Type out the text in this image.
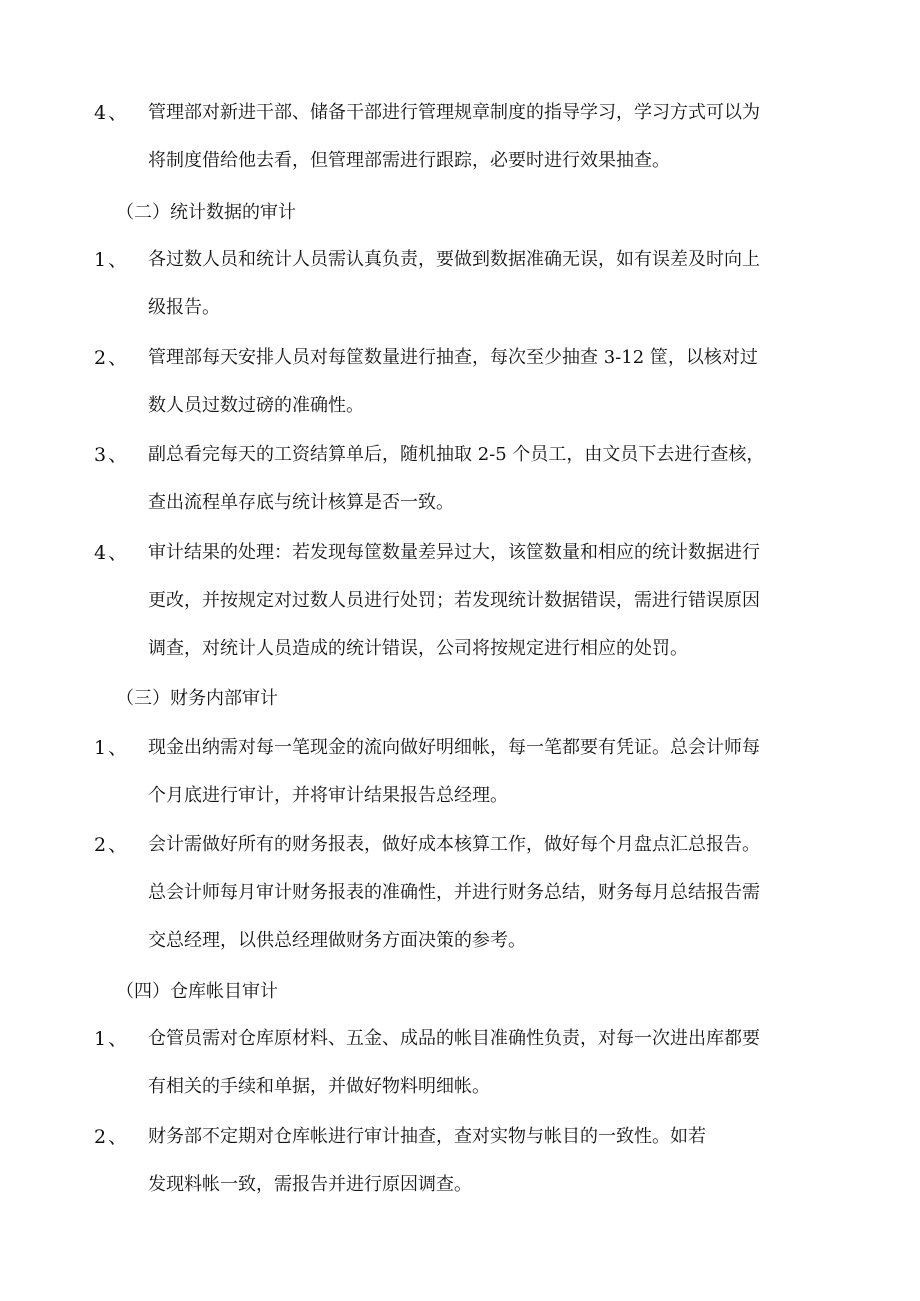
4、 管理部对新进干部、储备干部进行管理规章制度的指导学习，学习方式可以为
将制度借给他去看，但管理部需进行跟踪，必要时进行效果抽查。
（二）统计数据的审计
1、 各过数人员和统计人员需认真负责，要做到数据准确无误，如有误差及时向上
级报告。
2、 管理部每天安排人员对每筐数量进行抽查，每次至少抽查 3-12 筐，以核对过
数人员过数过磅的准确性。
3、 副总看完每天的工资结算单后，随机抽取 2-5 个员工，由文员下去进行查核，
查出流程单存底与统计核算是否一致。
4、 审计结果的处理：若发现每筐数量差异过大，该筐数量和相应的统计数据进行
更改，并按规定对过数人员进行处罚；若发现统计数据错误，需进行错误原因
调查，对统计人员造成的统计错误，公司将按规定进行相应的处罚。
（三）财务内部审计
1、 现金出纳需对每一笔现金的流向做好明细帐，每一笔都要有凭证。总会计师每
个月底进行审计，并将审计结果报告总经理。
2、 会计需做好所有的财务报表，做好成本核算工作，做好每个月盘点汇总报告。
总会计师每月审计财务报表的准确性，并进行财务总结，财务每月总结报告需
交总经理，以供总经理做财务方面决策的参考。
（四）仓库帐目审计
1、 仓管员需对仓库原材料、五金、成品的帐目准确性负责，对每一次进出库都要
有相关的手续和单据，并做好物料明细帐。
2、 财务部不定期对仓库帐进行审计抽查，查对实物与帐目的一致性。如若
发现料帐一致，需报告并进行原因调查。
